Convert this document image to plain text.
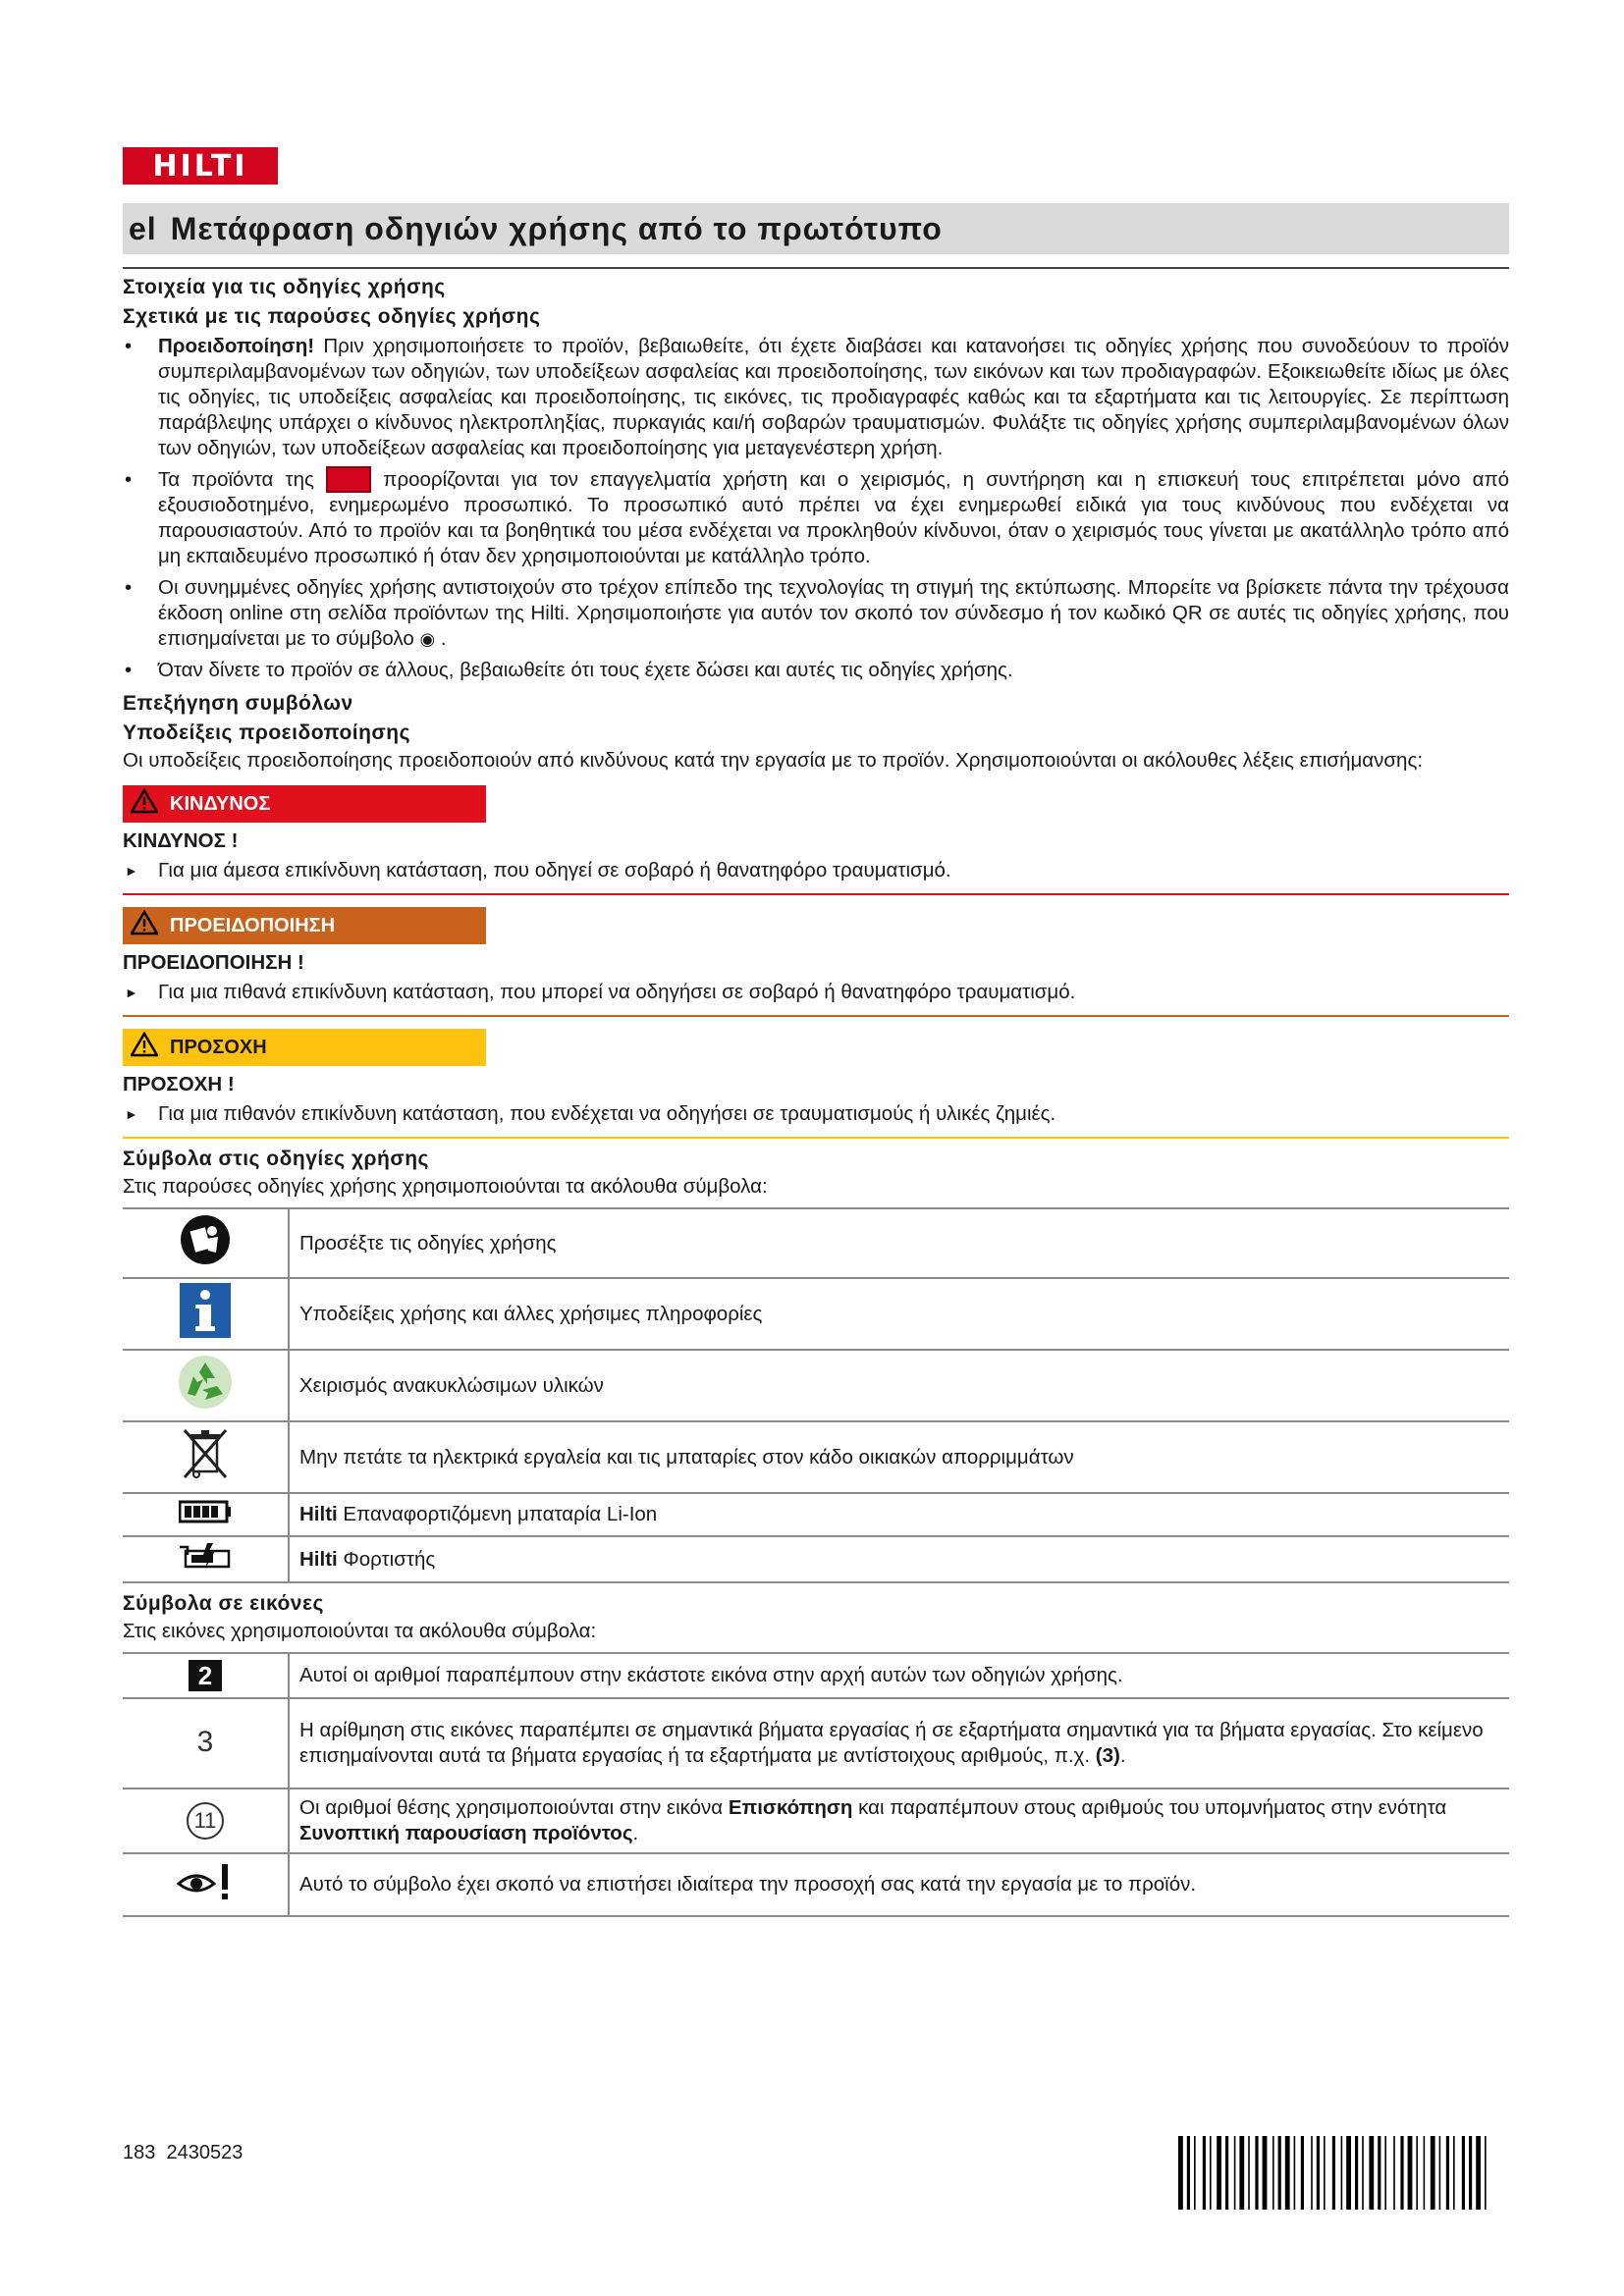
HILTI
el Μετάφραση οδηγιών χρήσης από το πρωτότυπο
Στοιχεία για τις οδηγίες χρήσης
Σχετικά με τις παρούσες οδηγίες χρήσης
• Προειδοποίηση! Πριν χρησιμοποιήσετε το προϊόν, βεβαιωθείτε, ότι έχετε διαβάσει και κατανοήσει τις οδηγίες χρήσης που συνοδεύουν το προϊόν συμπεριλαμβανομένων των οδηγιών, των υποδείξεων ασφαλείας και προειδοποίησης, των εικόνων και των προδιαγραφών. Εξοικειωθείτε ιδίως με όλες τις οδηγίες, τις υποδείξεις ασφαλείας και προειδοποίησης, τις εικόνες, τις προδιαγραφές καθώς και τα εξαρτήματα και τις λειτουργίες. Σε περίπτωση παράβλεψης υπάρχει ο κίνδυνος ηλεκτροπληξίας, πυρκαγιάς και/ή σοβαρών τραυματισμών. Φυλάξτε τις οδηγίες χρήσης συμπεριλαμβανομένων όλων των οδηγιών, των υποδείξεων ασφαλείας και προειδοποίησης για μεταγενέστερη χρήση.
• Τα προϊόντα της Hilti προορίζονται για τον επαγγελματία χρήστη και ο χειρισμός, η συντήρηση και η επισκευή τους επιτρέπεται μόνο από εξουσιοδοτημένο, ενημερωμένο προσωπικό. Το προσωπικό αυτό πρέπει να έχει ενημερωθεί ειδικά για τους κινδύνους που ενδέχεται να παρουσιαστούν. Από το προϊόν και τα βοηθητικά του μέσα ενδέχεται να προκληθούν κίνδυνοι, όταν ο χειρισμός τους γίνεται με ακατάλληλο τρόπο από μη εκπαιδευμένο προσωπικό ή όταν δεν χρησιμοποιούνται με κατάλληλο τρόπο.
• Οι συνημμένες οδηγίες χρήσης αντιστοιχούν στο τρέχον επίπεδο της τεχνολογίας τη στιγμή της εκτύπωσης. Μπορείτε να βρίσκετε πάντα την τρέχουσα έκδοση online στη σελίδα προϊόντων της Hilti. Χρησιμοποιήστε για αυτόν τον σκοπό τον σύνδεσμο ή τον κωδικό QR σε αυτές τις οδηγίες χρήσης, που επισημαίνεται με το σύμβολο ◉ .
• Όταν δίνετε το προϊόν σε άλλους, βεβαιωθείτε ότι τους έχετε δώσει και αυτές τις οδηγίες χρήσης.
Επεξήγηση συμβόλων
Υποδείξεις προειδοποίησης

Οι υποδείξεις προειδοποίησης προειδοποιούν από κινδύνους κατά την εργασία με το προϊόν. Χρησιμοποιούνται οι ακόλουθες λέξεις επισήμανσης:

ΚΙΝΔΥΝΟΣ
ΚΙΝΔΥΝΟΣ !
► Για μια άμεσα επικίνδυνη κατάσταση, που οδηγεί σε σοβαρό ή θανατηφόρο τραυματισμό.
ΠΡΟΕΙΔΟΠΟΙΗΣΗ
ΠΡΟΕΙΔΟΠΟΙΗΣΗ !
► Για μια πιθανά επικίνδυνη κατάσταση, που μπορεί να οδηγήσει σε σοβαρό ή θανατηφόρο τραυματισμό.
ΠΡΟΣΟΧΗ
ΠΡΟΣΟΧΗ !
► Για μια πιθανόν επικίνδυνη κατάσταση, που ενδέχεται να οδηγήσει σε τραυματισμούς ή υλικές ζημιές.
Σύμβολα στις οδηγίες χρήσης

Στις παρούσες οδηγίες χρήσης χρησιμοποιούνται τα ακόλουθα σύμβολα:

	Προσέξτε τις οδηγίες χρήσης
	Υποδείξεις χρήσης και άλλες χρήσιμες πληροφορίες
	Χειρισμός ανακυκλώσιμων υλικών
	Μην πετάτε τα ηλεκτρικά εργαλεία και τις μπαταρίες στον κάδο οικιακών απορριμμάτων
	Hilti Επαναφορτιζόμενη μπαταρία Li-Ion
	Hilti Φορτιστής
Σύμβολα σε εικόνες

Στις εικόνες χρησιμοποιούνται τα ακόλουθα σύμβολα:

2	Αυτοί οι αριθμοί παραπέμπουν στην εκάστοτε εικόνα στην αρχή αυτών των οδηγιών χρήσης.
3	Η αρίθμηση στις εικόνες παραπέμπει σε σημαντικά βήματα εργασίας ή σε εξαρτήματα σημαντικά για τα βήματα εργασίας. Στο κείμενο επισημαίνονται αυτά τα βήματα εργασίας ή τα εξαρτήματα με αντίστοιχους αριθμούς, π.χ. (3).
11	Οι αριθμοί θέσης χρησιμοποιούνται στην εικόνα Επισκόπηση και παραπέμπουν στους αριθμούς του υπομνήματος στην ενότητα Συνοπτική παρουσίαση προϊόντος.
	Αυτό το σύμβολο έχει σκοπό να επιστήσει ιδιαίτερα την προσοχή σας κατά την εργασία με το προϊόν.
183 2430523
